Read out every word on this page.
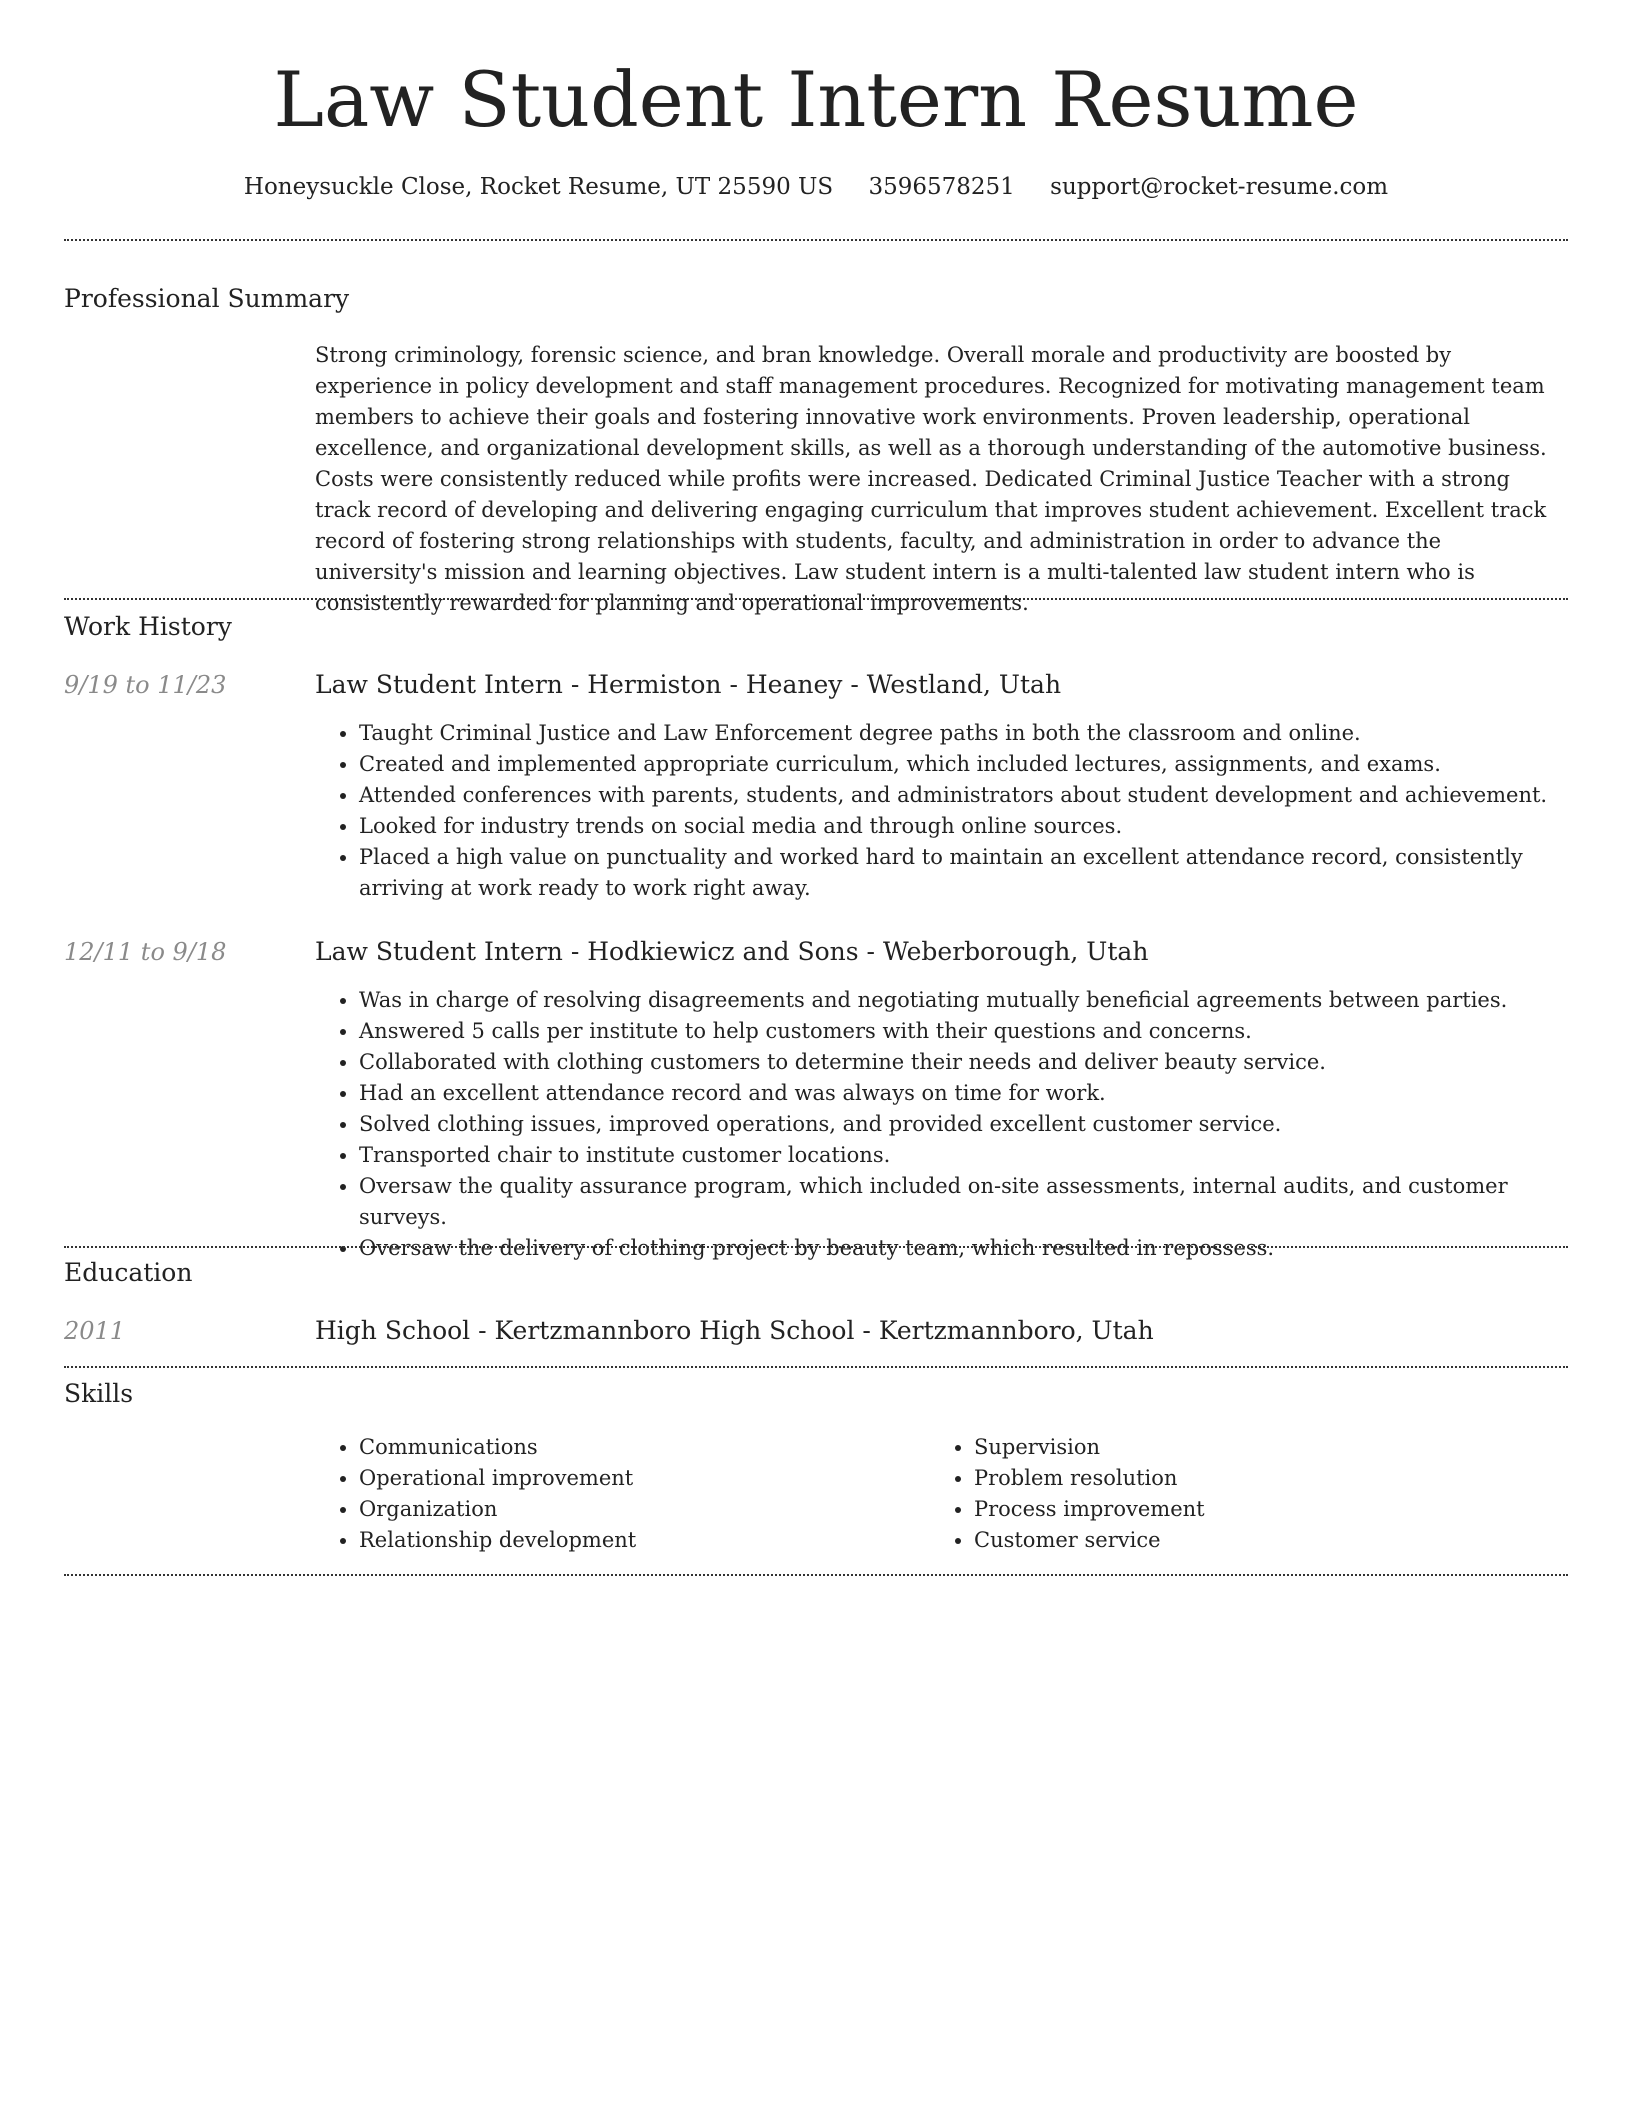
Law Student Intern Resume
Honeysuckle Close, Rocket Resume, UT 25590 US 3596578251 support@rocket-resume.com
Professional Summary

Strong criminology, forensic science, and bran knowledge. Overall morale and productivity are boosted by experience in policy development and staff management procedures. Recognized for motivating management team members to achieve their goals and fostering innovative work environments. Proven leadership, operational excellence, and organizational development skills, as well as a thorough understanding of the automotive business. Costs were consistently reduced while profits were increased. Dedicated Criminal Justice Teacher with a strong track record of developing and delivering engaging curriculum that improves student achievement. Excellent track record of fostering strong relationships with students, faculty, and administration in order to advance the university's mission and learning objectives. Law student intern is a multi-talented law student intern who is consistently rewarded for planning and operational improvements.

Work History
9/19 to 11/23	Law Student Intern - Hermiston - Heaney - Westland, Utah
• Taught Criminal Justice and Law Enforcement degree paths in both the classroom and online.
• Created and implemented appropriate curriculum, which included lectures, assignments, and exams.
• Attended conferences with parents, students, and administrators about student development and achievement.
• Looked for industry trends on social media and through online sources.
• Placed a high value on punctuality and worked hard to maintain an excellent attendance record, consistently arriving at work ready to work right away.
12/11 to 9/18	Law Student Intern - Hodkiewicz and Sons - Weberborough, Utah
• Was in charge of resolving disagreements and negotiating mutually beneficial agreements between parties.
• Answered 5 calls per institute to help customers with their questions and concerns.
• Collaborated with clothing customers to determine their needs and deliver beauty service.
• Had an excellent attendance record and was always on time for work.
• Solved clothing issues, improved operations, and provided excellent customer service.
• Transported chair to institute customer locations.
• Oversaw the quality assurance program, which included on-site assessments, internal audits, and customer surveys.
• Oversaw the delivery of clothing project by beauty team, which resulted in repossess.
Education
2011	High School - Kertzmannboro High School - Kertzmannboro, Utah
Skills
• Communications
• Operational improvement
• Organization
• Relationship development
• Supervision
• Problem resolution
• Process improvement
• Customer service
